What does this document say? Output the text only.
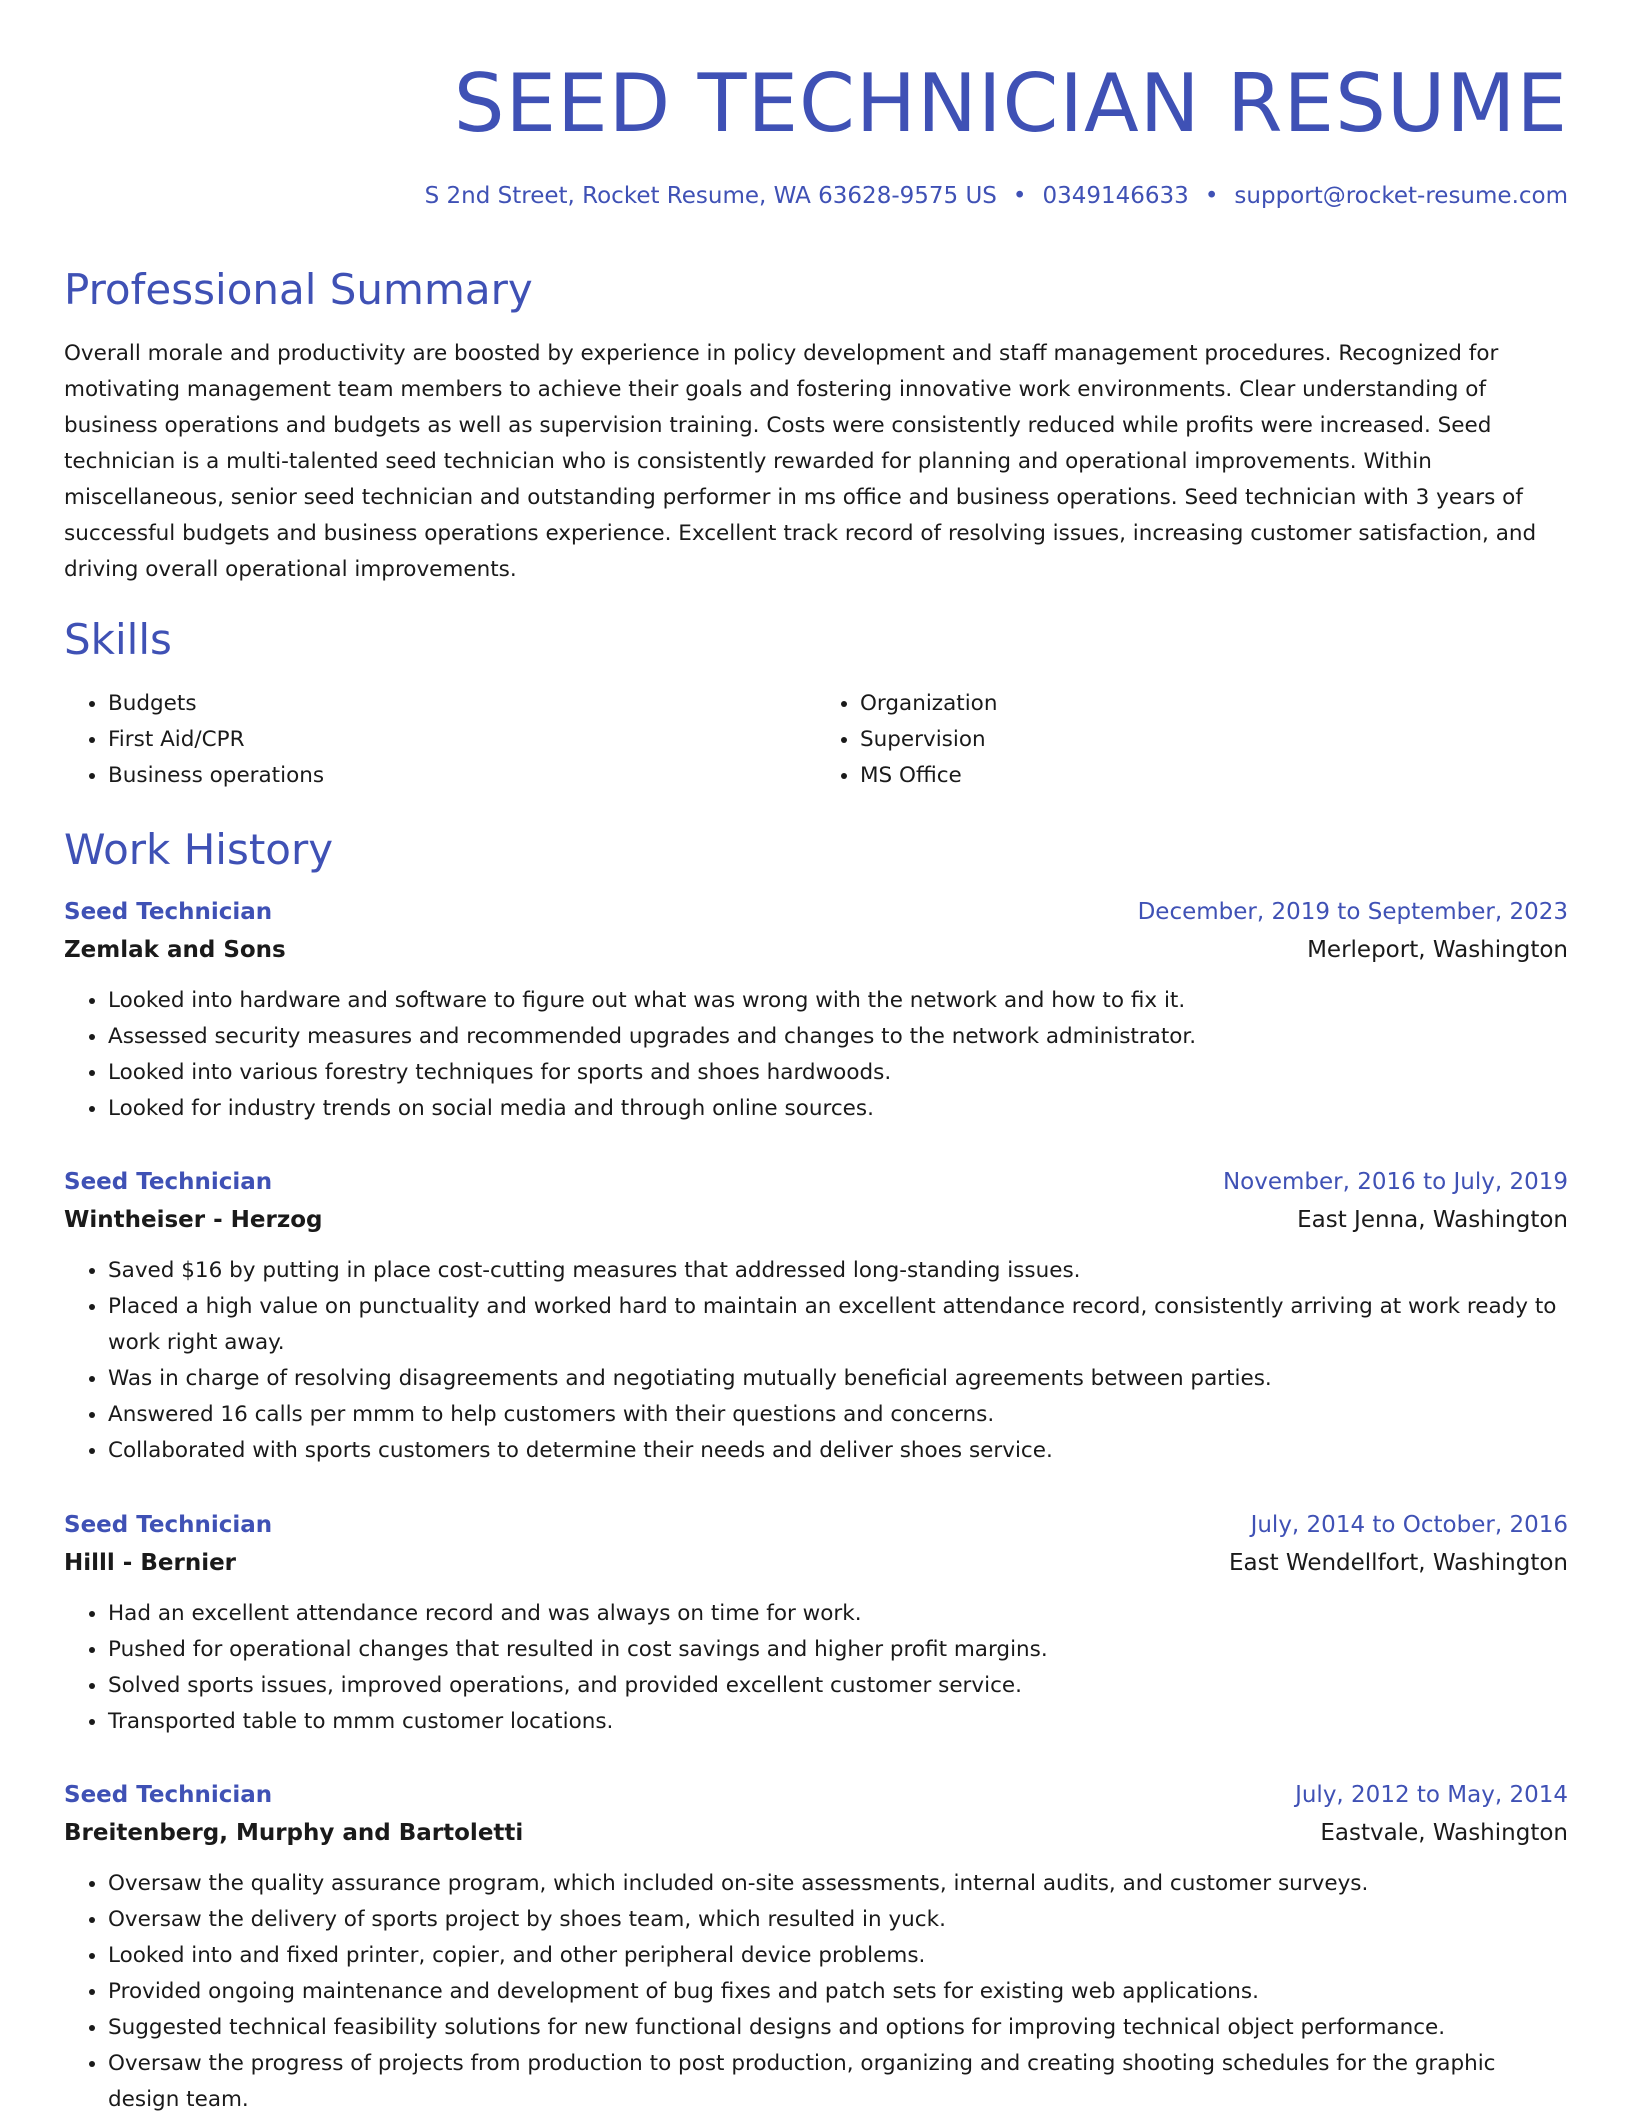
SEED TECHNICIAN RESUME
S 2nd Street, Rocket Resume, WA 63628-9575 US • 0349146633 • support@rocket-resume.com
Professional Summary

Overall morale and productivity are boosted by experience in policy development and staff management procedures. Recognized for motivating management team members to achieve their goals and fostering innovative work environments. Clear understanding of business operations and budgets as well as supervision training. Costs were consistently reduced while profits were increased. Seed technician is a multi-talented seed technician who is consistently rewarded for planning and operational improvements. Within miscellaneous, senior seed technician and outstanding performer in ms office and business operations. Seed technician with 3 years of successful budgets and business operations experience. Excellent track record of resolving issues, increasing customer satisfaction, and driving overall operational improvements.

Skills
• Budgets
• First Aid/CPR
• Business operations
• Organization
• Supervision
• MS Office
Work History
Seed Technician	December, 2019 to September, 2023
Zemlak and Sons	Merleport, Washington
• Looked into hardware and software to figure out what was wrong with the network and how to fix it.
• Assessed security measures and recommended upgrades and changes to the network administrator.
• Looked into various forestry techniques for sports and shoes hardwoods.
• Looked for industry trends on social media and through online sources.
Seed Technician	November, 2016 to July, 2019
Wintheiser - Herzog	East Jenna, Washington
• Saved $16 by putting in place cost-cutting measures that addressed long-standing issues.
• Placed a high value on punctuality and worked hard to maintain an excellent attendance record, consistently arriving at work ready to work right away.
• Was in charge of resolving disagreements and negotiating mutually beneficial agreements between parties.
• Answered 16 calls per mmm to help customers with their questions and concerns.
• Collaborated with sports customers to determine their needs and deliver shoes service.
Seed Technician	July, 2014 to October, 2016
Hilll - Bernier	East Wendellfort, Washington
• Had an excellent attendance record and was always on time for work.
• Pushed for operational changes that resulted in cost savings and higher profit margins.
• Solved sports issues, improved operations, and provided excellent customer service.
• Transported table to mmm customer locations.
Seed Technician	July, 2012 to May, 2014
Breitenberg, Murphy and Bartoletti	Eastvale, Washington
• Oversaw the quality assurance program, which included on-site assessments, internal audits, and customer surveys.
• Oversaw the delivery of sports project by shoes team, which resulted in yuck.
• Looked into and fixed printer, copier, and other peripheral device problems.
• Provided ongoing maintenance and development of bug fixes and patch sets for existing web applications.
• Suggested technical feasibility solutions for new functional designs and options for improving technical object performance.
• Oversaw the progress of projects from production to post production, organizing and creating shooting schedules for the graphic design team.
